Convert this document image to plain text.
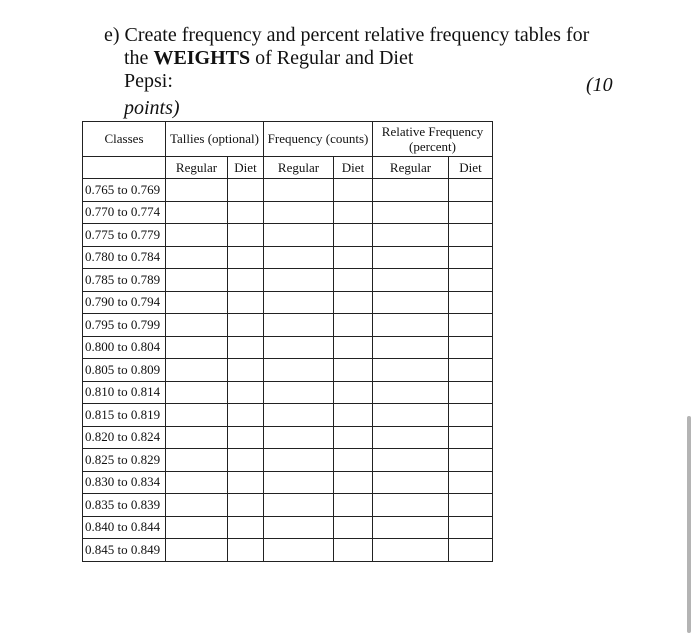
e) Create frequency and percent relative frequency tables for
the WEIGHTS of Regular and Diet
Pepsi:	(10
points)
Classes	Tallies (optional)		Frequency (counts)		Relative Frequency
(percent)	
	Regular	Diet	Regular	Diet	Regular	Diet
0.765 to 0.769						
0.770 to 0.774						
0.775 to 0.779						
0.780 to 0.784						
0.785 to 0.789						
0.790 to 0.794						
0.795 to 0.799						
0.800 to 0.804						
0.805 to 0.809						
0.810 to 0.814						
0.815 to 0.819						
0.820 to 0.824						
0.825 to 0.829						
0.830 to 0.834						
0.835 to 0.839						
0.840 to 0.844						
0.845 to 0.849						
